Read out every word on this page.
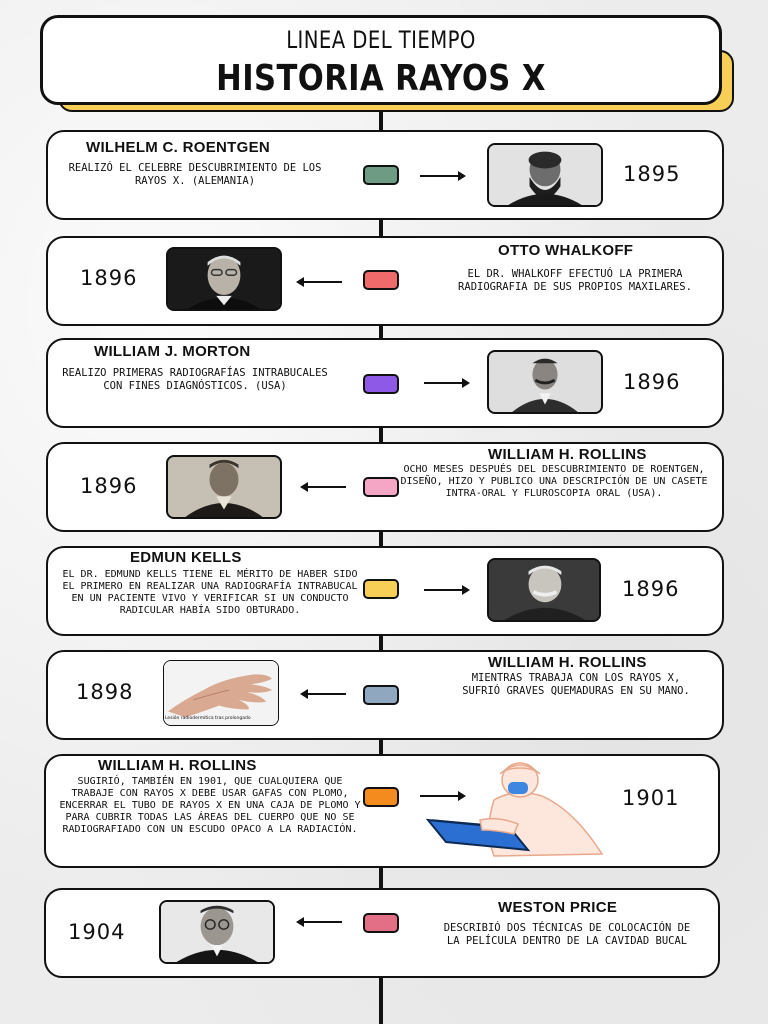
LINEA DEL TIEMPO
HISTORIA RAYOS X
WILHELM C. ROENTGEN
REALIZÓ EL CELEBRE DESCUBRIMIENTO DE LOS RAYOS X. (ALEMANIA)	1895
1896
OTTO WHALKOFF
EL DR. WHALKOFF EFECTUÓ LA PRIMERA RADIOGRAFIA DE SUS PROPIOS MAXILARES.
WILLIAM J. MORTON
REALIZO PRIMERAS RADIOGRAFÍAS INTRABUCALES CON FINES DIAGNÓSTICOS. (USA)	1896
1896
WILLIAM H. ROLLINS
OCHO MESES DESPUÉS DEL DESCUBRIMIENTO DE ROENTGEN, DISEÑO, HIZO Y PUBLICO UNA DESCRIPCIÓN DE UN CASETE INTRA-ORAL Y FLUROSCOPIA ORAL (USA).
EDMUN KELLS
EL DR. EDMUND KELLS TIENE EL MÉRITO DE HABER SIDO EL PRIMERO EN REALIZAR UNA RADIOGRAFÍA INTRABUCAL EN UN PACIENTE VIVO Y VERIFICAR SI UN CONDUCTO RADICULAR HABÍA SIDO OBTURADO.
1896
1898
Lesión radiodermítica tras prolongado
WILLIAM H. ROLLINS
MIENTRAS TRABAJA CON LOS RAYOS X, SUFRIÓ GRAVES QUEMADURAS EN SU MANO.
WILLIAM H. ROLLINS
SUGIRIÓ, TAMBIÉN EN 1901, QUE CUALQUIERA QUE TRABAJE CON RAYOS X DEBE USAR GAFAS CON PLOMO, ENCERRAR EL TUBO DE RAYOS X EN UNA CAJA DE PLOMO Y PARA CUBRIR TODAS LAS ÁREAS DEL CUERPO QUE NO SE RADIOGRAFIADO CON UN ESCUDO OPACO A LA RADIACIÓN.
1901
1904
WESTON PRICE
DESCRIBIÓ DOS TÉCNICAS DE COLOCACIÓN DE LA PELÍCULA DENTRO DE LA CAVIDAD BUCAL
